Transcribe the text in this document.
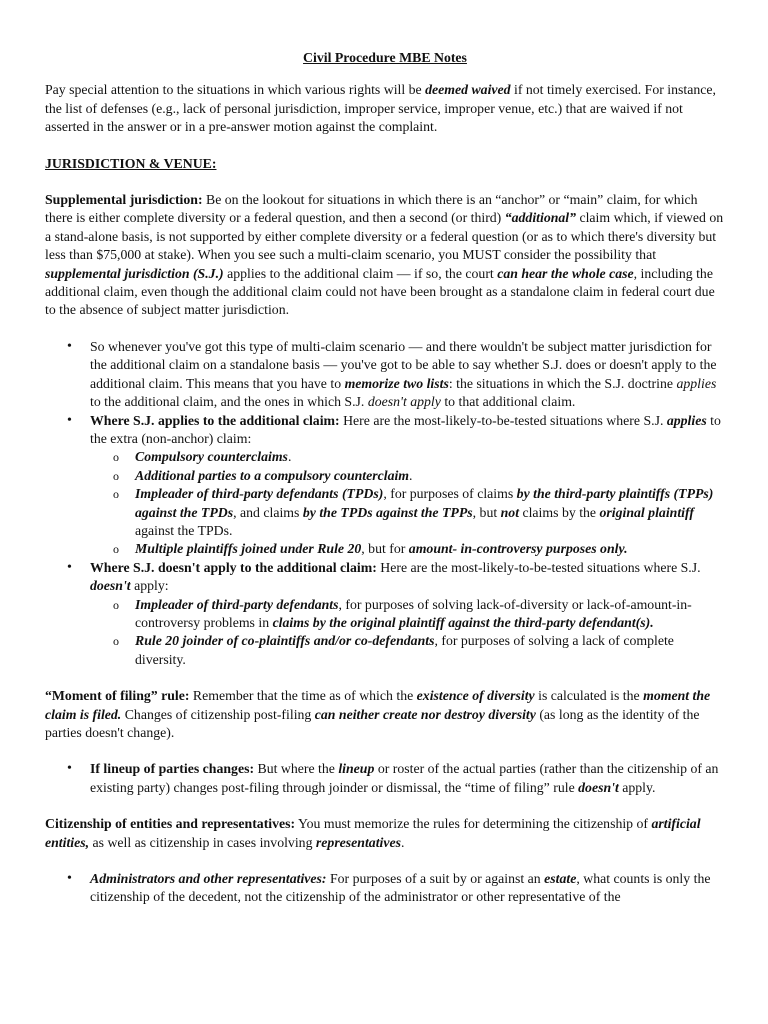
Civil Procedure MBE Notes

Pay special attention to the situations in which various rights will be deemed waived if not timely exercised. For instance, the list of defenses (e.g., lack of personal jurisdiction, improper service, improper venue, etc.) that are waived if not asserted in the answer or in a pre-answer motion against the complaint.

JURISDICTION & VENUE:

Supplemental jurisdiction: Be on the lookout for situations in which there is an “anchor” or “main” claim, for which there is either complete diversity or a federal question, and then a second (or third) “additional” claim which, if viewed on a stand-alone basis, is not supported by either complete diversity or a federal question (or as to which there's diversity but less than $75,000 at stake). When you see such a multi-claim scenario, you MUST consider the possibility that supplemental jurisdiction (S.J.) applies to the additional claim — if so, the court can hear the whole case, including the additional claim, even though the additional claim could not have been brought as a standalone claim in federal court due to the absence of subject matter jurisdiction.

• So whenever you've got this type of multi-claim scenario — and there wouldn't be subject matter jurisdiction for the additional claim on a standalone basis — you've got to be able to say whether S.J. does or doesn't apply to the additional claim. This means that you have to memorize two lists: the situations in which the S.J. doctrine applies to the additional claim, and the ones in which S.J. doesn't apply to that additional claim.
• Where S.J. applies to the additional claim: Here are the most-likely-to-be-tested situations where S.J. applies to the extra (non-anchor) claim:
o Compulsory counterclaims.
o Additional parties to a compulsory counterclaim.
o Impleader of third-party defendants (TPDs), for purposes of claims by the third-party plaintiffs (TPPs) against the TPDs, and claims by the TPDs against the TPPs, but not claims by the original plaintiff against the TPDs.
o Multiple plaintiffs joined under Rule 20, but for amount- in-controversy purposes only.
• Where S.J. doesn't apply to the additional claim: Here are the most-likely-to-be-tested situations where S.J. doesn't apply:
o Impleader of third-party defendants, for purposes of solving lack-of-diversity or lack-of-amount-in-controversy problems in claims by the original plaintiff against the third-party defendant(s).
o Rule 20 joinder of co-plaintiffs and/or co-defendants, for purposes of solving a lack of complete diversity.

“Moment of filing” rule: Remember that the time as of which the existence of diversity is calculated is the moment the claim is filed. Changes of citizenship post-filing can neither create nor destroy diversity (as long as the identity of the parties doesn't change).

• If lineup of parties changes: But where the lineup or roster of the actual parties (rather than the citizenship of an existing party) changes post-filing through joinder or dismissal, the “time of filing” rule doesn't apply.

Citizenship of entities and representatives: You must memorize the rules for determining the citizenship of artificial entities, as well as citizenship in cases involving representatives.

• Administrators and other representatives: For purposes of a suit by or against an estate, what counts is only the citizenship of the decedent, not the citizenship of the administrator or other representative of the
